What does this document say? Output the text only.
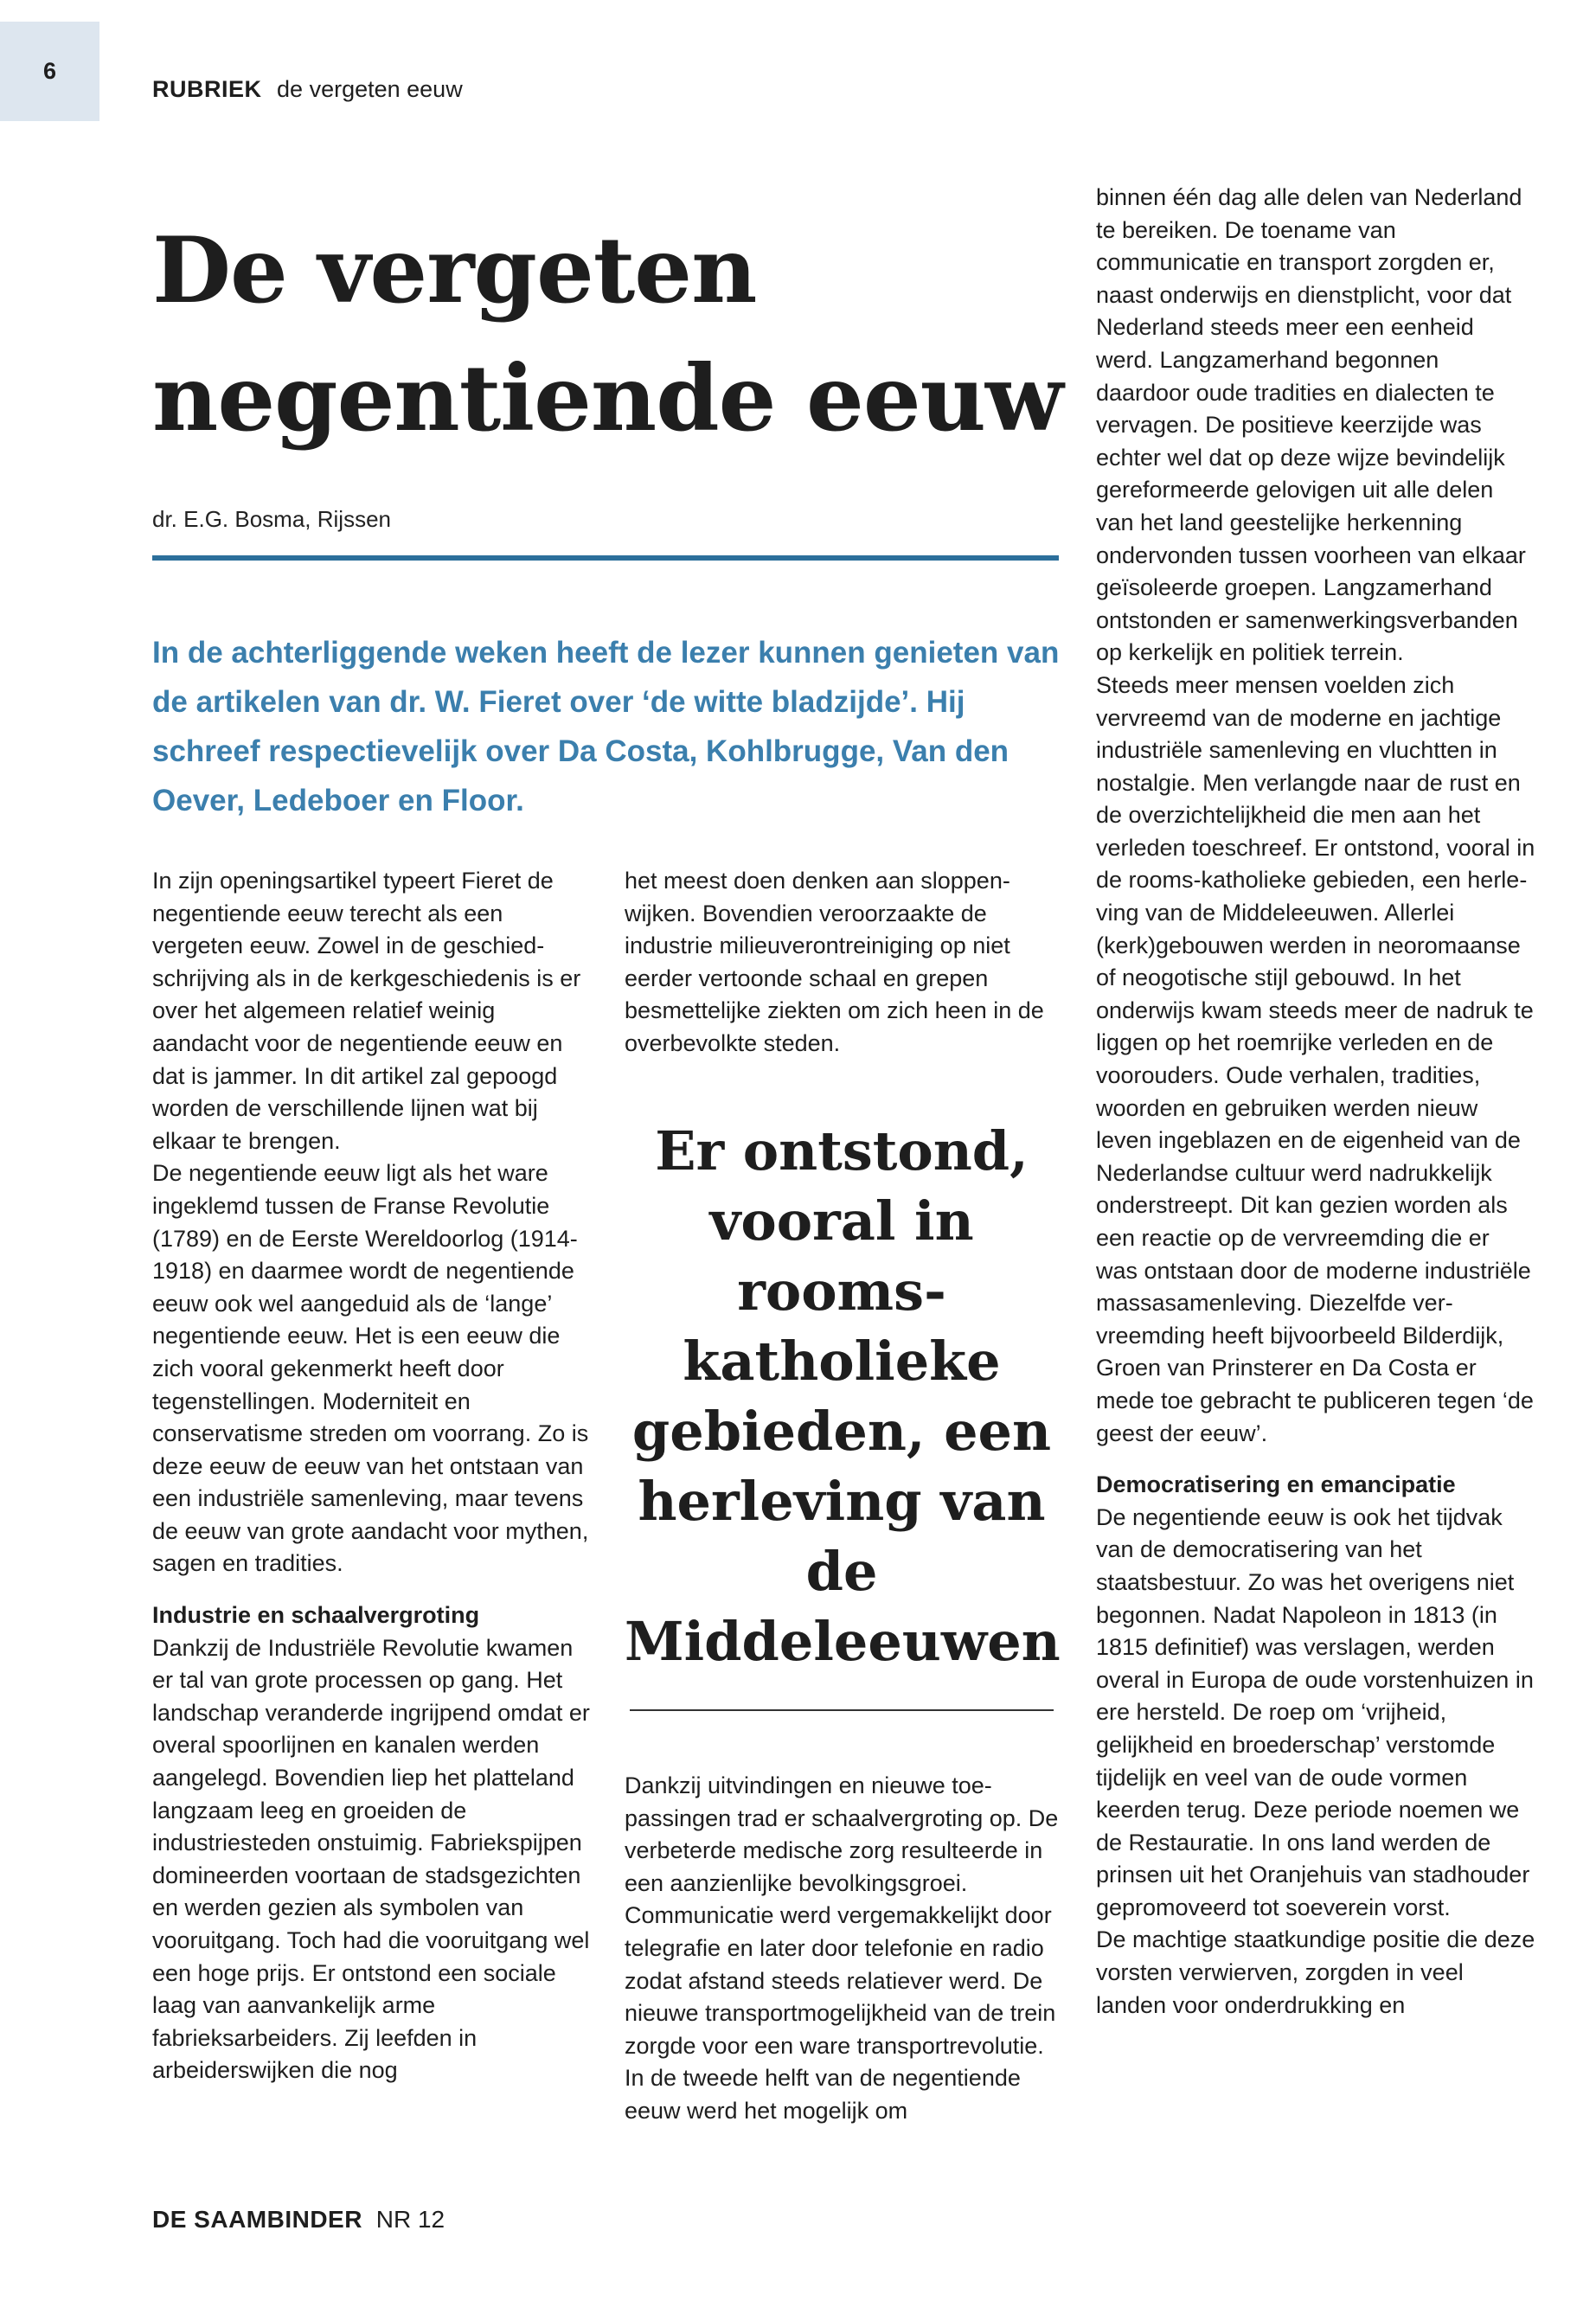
6
RUBRIEK de vergeten eeuw
De vergeten negentiende eeuw
dr. E.G. Bosma, Rijssen

In de achterliggende weken heeft de lezer kunnen genieten van de artikelen van dr. W. Fieret over ‘de witte bladzijde’. Hij schreef respectievelijk over Da Costa, Kohlbrugge, Van den Oever, Ledeboer en Floor.

In zijn openingsartikel typeert Fieret de negentiende eeuw terecht als een vergeten eeuw. Zowel in de geschiedschrijving als in de kerkgeschiedenis is er over het algemeen relatief weinig aandacht voor de negentiende eeuw en dat is jammer. In dit artikel zal gepoogd worden de verschillende lijnen wat bij elkaar te brengen.

De negentiende eeuw ligt als het ware ingeklemd tussen de Franse Revolutie (1789) en de Eerste Wereldoorlog (1914-1918) en daarmee wordt de negentiende eeuw ook wel aangeduid als de ‘lange’ negentiende eeuw. Het is een eeuw die zich vooral gekenmerkt heeft door tegenstellingen. Moderniteit en conservatisme streden om voorrang. Zo is deze eeuw de eeuw van het ontstaan van een industriële samenleving, maar tevens de eeuw van grote aandacht voor mythen, sagen en tradities.

Industrie en schaalvergroting

Dankzij de Industriële Revolutie kwamen er tal van grote processen op gang. Het landschap veranderde ingrijpend omdat er overal spoorlijnen en kanalen werden aangelegd. Bovendien liep het platteland langzaam leeg en groeiden de industriesteden onstuimig. Fabriekspijpen domineerden voortaan de stadsgezichten en werden gezien als symbolen van vooruitgang. Toch had die vooruitgang wel een hoge prijs. Er ontstond een sociale laag van aanvankelijk arme fabrieksarbeiders. Zij leefden in arbeiderswijken die nog

het meest doen denken aan sloppenwijken. Bovendien veroorzaakte de industrie milieuverontreiniging op niet eerder vertoonde schaal en grepen besmettelijke ziekten om zich heen in de overbevolkte steden.

Er ontstond, vooral in rooms- katholieke gebieden, een herleving van de Middeleeuwen

Dankzij uitvindingen en nieuwe toepassingen trad er schaalvergroting op. De verbeterde medische zorg resulteerde in een aanzienlijke bevolkingsgroei. Communicatie werd vergemakkelijkt door telegrafie en later door telefonie en radio zodat afstand steeds relatiever werd. De nieuwe transportmogelijkheid van de trein zorgde voor een ware transportrevolutie. In de tweede helft van de negentiende eeuw werd het mogelijk om

binnen één dag alle delen van Nederland te bereiken. De toename van communicatie en transport zorgden er, naast onderwijs en dienstplicht, voor dat Nederland steeds meer een eenheid werd. Langzamerhand begonnen daardoor oude tradities en dialecten te vervagen. De positieve keerzijde was echter wel dat op deze wijze bevindelijk gereformeerde gelovigen uit alle delen van het land geestelijke herkenning ondervonden tussen voorheen van elkaar geïsoleerde groepen. Langzamerhand ontstonden er samenwerkingsverbanden op kerkelijk en politiek terrein.

Steeds meer mensen voelden zich vervreemd van de moderne en jachtige industriële samenleving en vluchtten in nostalgie. Men verlangde naar de rust en de overzichtelijkheid die men aan het verleden toeschreef. Er ontstond, vooral in de rooms-katholieke gebieden, een herleving van de Middeleeuwen. Allerlei (kerk)gebouwen werden in neoromaanse of neogotische stijl gebouwd. In het onderwijs kwam steeds meer de nadruk te liggen op het roemrijke verleden en de voorouders. Oude verhalen, tradities, woorden en gebruiken werden nieuw leven ingeblazen en de eigenheid van de Nederlandse cultuur werd nadrukkelijk onderstreept. Dit kan gezien worden als een reactie op de vervreemding die er was ontstaan door de moderne industriële massasamenleving. Diezelfde vervreemding heeft bijvoorbeeld Bilderdijk, Groen van Prinsterer en Da Costa er mede toe gebracht te publiceren tegen ‘de geest der eeuw’.

Democratisering en emancipatie

De negentiende eeuw is ook het tijdvak van de democratisering van het staatsbestuur. Zo was het overigens niet begonnen. Nadat Napoleon in 1813 (in 1815 definitief) was verslagen, werden overal in Europa de oude vorstenhuizen in ere hersteld. De roep om ‘vrijheid, gelijkheid en broederschap’ verstomde tijdelijk en veel van de oude vormen keerden terug. Deze periode noemen we de Restauratie. In ons land werden de prinsen uit het Oranjehuis van stadhouder gepromoveerd tot soeverein vorst.

De machtige staatkundige positie die deze vorsten verwierven, zorgden in veel landen voor onderdrukking en

DE SAAMBINDER NR 12
